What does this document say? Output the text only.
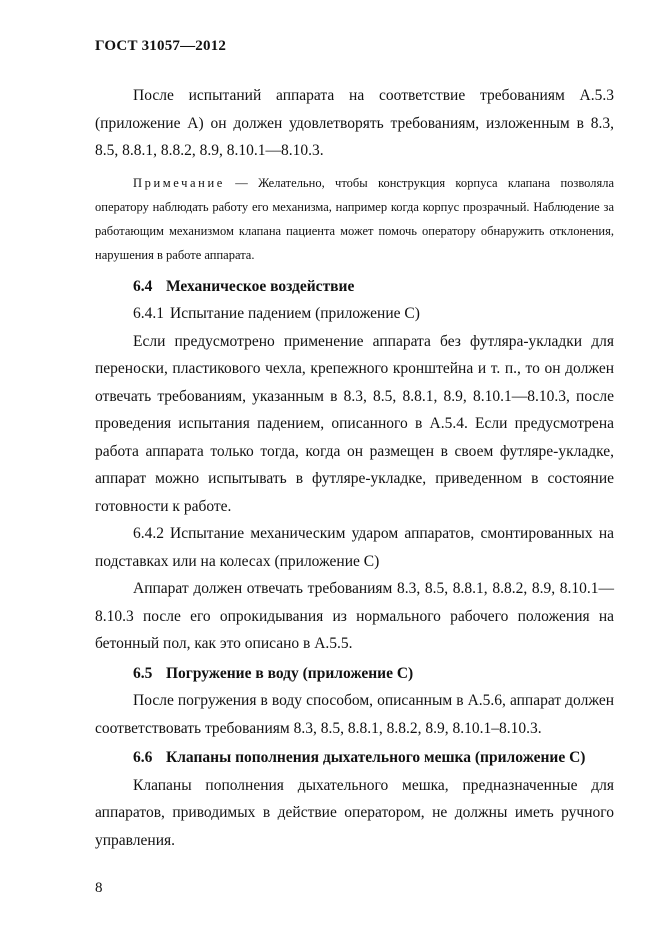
ГОСТ 31057—2012

После испытаний аппарата на соответствие требованиям А.5.3 (приложение А) он должен удовлетворять требованиям, изложенным в 8.3, 8.5, 8.8.1, 8.8.2, 8.9, 8.10.1—8.10.3.

Примечание — Желательно, чтобы конструкция корпуса клапана позволяла оператору наблюдать работу его механизма, например когда корпус прозрачный. Наблюдение за работающим механизмом клапана пациента может помочь оператору обнаружить отклонения, нарушения в работе аппарата.

6.4 Механическое воздействие

6.4.1 Испытание падением (приложение С)

Если предусмотрено применение аппарата без футляра-укладки для переноски, пластикового чехла, крепежного кронштейна и т. п., то он должен отвечать требованиям, указанным в 8.3, 8.5, 8.8.1, 8.9, 8.10.1—8.10.3, после проведения испытания падением, описанного в А.5.4. Если предусмотрена работа аппарата только тогда, когда он размещен в своем футляре-укладке, аппарат можно испытывать в футляре-укладке, приведенном в состояние готовности к работе.

6.4.2 Испытание механическим ударом аппаратов, смонтированных на подставках или на колесах (приложение С)

Аппарат должен отвечать требованиям 8.3, 8.5, 8.8.1, 8.8.2, 8.9, 8.10.1—8.10.3 после его опрокидывания из нормального рабочего положения на бетонный пол, как это описано в А.5.5.

6.5 Погружение в воду (приложение С)

После погружения в воду способом, описанным в А.5.6, аппарат должен соответствовать требованиям 8.3, 8.5, 8.8.1, 8.8.2, 8.9, 8.10.1–8.10.3.

6.6 Клапаны пополнения дыхательного мешка (приложение С)

Клапаны пополнения дыхательного мешка, предназначенные для аппаратов, приводимых в действие оператором, не должны иметь ручного управления.

8
